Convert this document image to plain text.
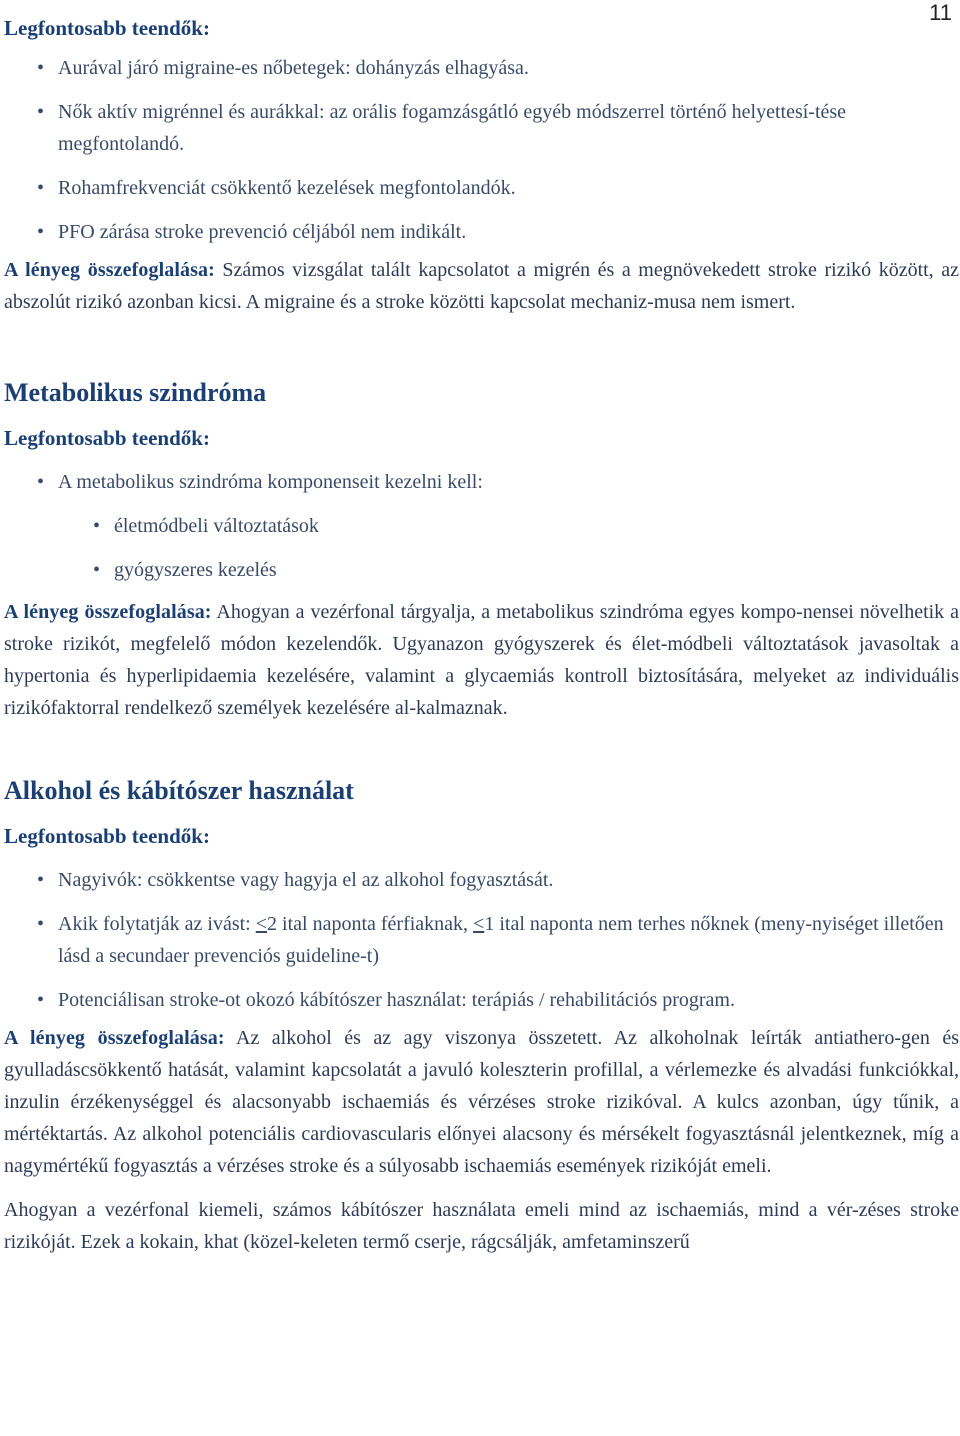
11
Legfontosabb teendők:
• Aurával járó migraine-es nőbetegek: dohányzás elhagyása.
• Nők aktív migrénnel és aurákkal: az orális fogamzásgátló egyéb módszerrel történő helyettesí-tése megfontolandó.
• Rohamfrekvenciát csökkentő kezelések megfontolandók.
• PFO zárása stroke prevenció céljából nem indikált.

A lényeg összefoglalása: Számos vizsgálat talált kapcsolatot a migrén és a megnövekedett stroke rizikó között, az abszolút rizikó azonban kicsi. A migraine és a stroke közötti kapcsolat mechaniz-musa nem ismert.

Metabolikus szindróma
Legfontosabb teendők:
• A metabolikus szindróma komponenseit kezelni kell:
• életmódbeli változtatások
• gyógyszeres kezelés

A lényeg összefoglalása: Ahogyan a vezérfonal tárgyalja, a metabolikus szindróma egyes kompo-nensei növelhetik a stroke rizikót, megfelelő módon kezelendők. Ugyanazon gyógyszerek és élet-módbeli változtatások javasoltak a hypertonia és hyperlipidaemia kezelésére, valamint a glycaemiás kontroll biztosítására, melyeket az individuális rizikófaktorral rendelkező személyek kezelésére al-kalmaznak.

Alkohol és kábítószer használat
Legfontosabb teendők:
• Nagyivók: csökkentse vagy hagyja el az alkohol fogyasztását.
• Akik folytatják az ivást: <2 ital naponta férfiaknak, <1 ital naponta nem terhes nőknek (meny-nyiséget illetően lásd a secundaer prevenciós guideline-t)
• Potenciálisan stroke-ot okozó kábítószer használat: terápiás / rehabilitációs program.

A lényeg összefoglalása: Az alkohol és az agy viszonya összetett. Az alkoholnak leírták antiathero-gen és gyulladáscsökkentő hatását, valamint kapcsolatát a javuló koleszterin profillal, a vérlemezke és alvadási funkciókkal, inzulin érzékenységgel és alacsonyabb ischaemiás és vérzéses stroke rizikóval. A kulcs azonban, úgy tűnik, a mértéktartás. Az alkohol potenciális cardiovascularis előnyei alacsony és mérsékelt fogyasztásnál jelentkeznek, míg a nagymértékű fogyasztás a vérzéses stroke és a súlyosabb ischaemiás események rizikóját emeli.

Ahogyan a vezérfonal kiemeli, számos kábítószer használata emeli mind az ischaemiás, mind a vér-zéses stroke rizikóját. Ezek a kokain, khat (közel-keleten termő cserje, rágcsálják, amfetaminszerű
